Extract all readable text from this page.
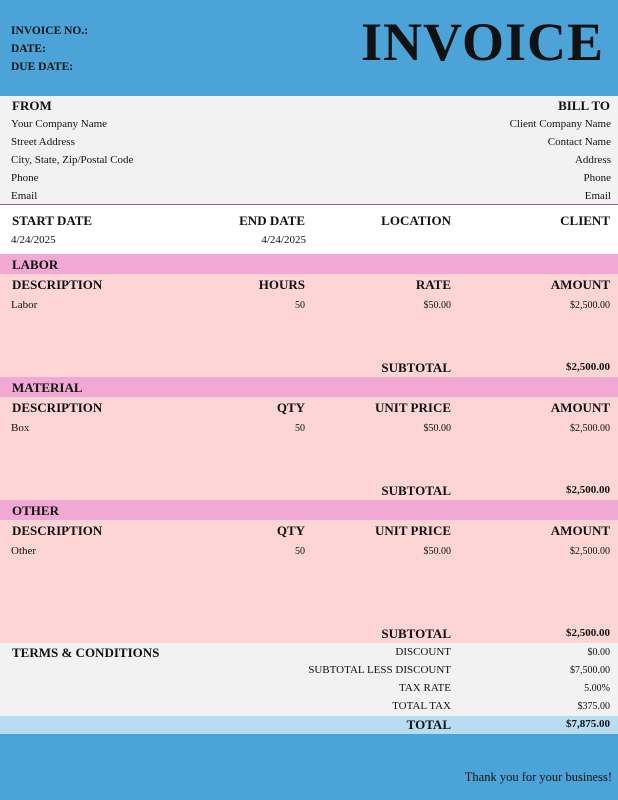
INVOICE NO.:
DATE:
DUE DATE:	INVOICE
FROM	BILL TO
Your Company Name
Street Address
City, State, Zip/Postal Code
Phone
Email
Client Company Name
Contact Name
Address
Phone
Email
START DATE	END DATE	LOCATION	CLIENT
4/24/2025	4/24/2025
LABOR
DESCRIPTION	HOURS	RATE	AMOUNT
Labor	50	$50.00	$2,500.00
SUBTOTAL	$2,500.00
MATERIAL
DESCRIPTION	QTY	UNIT PRICE	AMOUNT
Box	50	$50.00	$2,500.00
SUBTOTAL	$2,500.00
OTHER
DESCRIPTION	QTY	UNIT PRICE	AMOUNT
Other	50	$50.00	$2,500.00
SUBTOTAL	$2,500.00
TERMS & CONDITIONS	DISCOUNT	$0.00
SUBTOTAL LESS DISCOUNT	$7,500.00
TAX RATE	5.00%
TOTAL TAX	$375.00
TOTAL	$7,875.00
Thank you for your business!
